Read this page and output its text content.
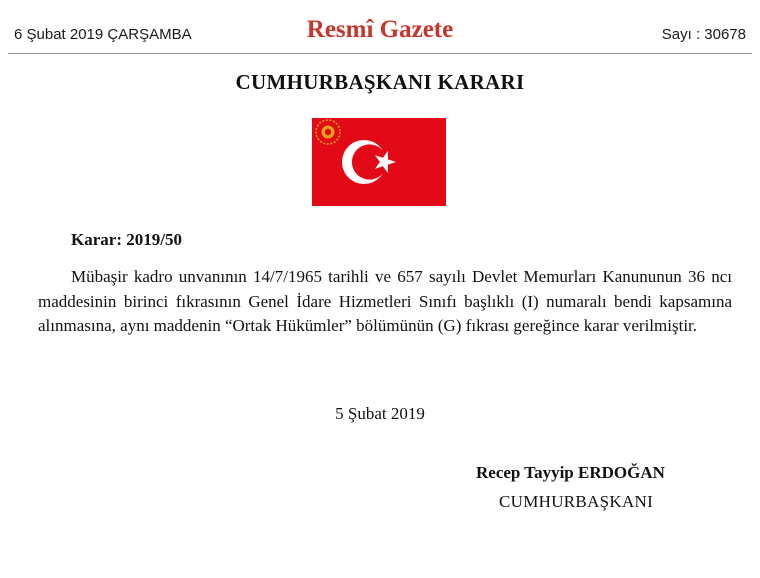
6 Şubat 2019 ÇARŞAMBA	Resmî Gazete	Sayı : 30678
CUMHURBAŞKANI KARARI
Karar: 2019/50

Mübaşir kadro unvanının 14/7/1965 tarihli ve 657 sayılı Devlet Memurları Kanununun 36 ncı maddesinin birinci fıkrasının Genel İdare Hizmetleri Sınıfı başlıklı (I) numaralı bendi kapsamına alınmasına, aynı maddenin “Ortak Hükümler” bölümünün (G) fıkrası gereğince karar verilmiştir.

5 Şubat 2019
Recep Tayyip ERDOĞAN
CUMHURBAŞKANI
